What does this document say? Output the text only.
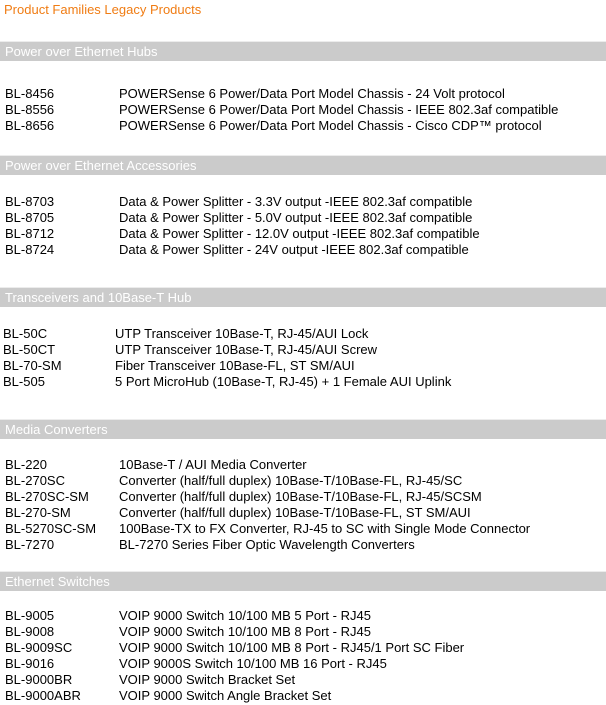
Product Families Legacy Products
Power over Ethernet Hubs
BL-8456	POWERSense 6 Power/Data Port Model Chassis - 24 Volt protocol
BL-8556	POWERSense 6 Power/Data Port Model Chassis - IEEE 802.3af compatible
BL-8656	POWERSense 6 Power/Data Port Model Chassis - Cisco CDP™ protocol
Power over Ethernet Accessories
BL-8703	Data & Power Splitter - 3.3V output -IEEE 802.3af compatible
BL-8705	Data & Power Splitter - 5.0V output -IEEE 802.3af compatible
BL-8712	Data & Power Splitter - 12.0V output -IEEE 802.3af compatible
BL-8724	Data & Power Splitter - 24V output -IEEE 802.3af compatible
Transceivers and 10Base-T Hub
BL-50C	UTP Transceiver 10Base-T, RJ-45/AUI Lock
BL-50CT	UTP Transceiver 10Base-T, RJ-45/AUI Screw
BL-70-SM	Fiber Transceiver 10Base-FL, ST SM/AUI
BL-505	5 Port MicroHub (10Base-T, RJ-45) + 1 Female AUI Uplink
Media Converters
BL-220	10Base-T / AUI Media Converter
BL-270SC	Converter (half/full duplex) 10Base-T/10Base-FL, RJ-45/SC
BL-270SC-SM Converter (half/full duplex) 10Base-T/10Base-FL, RJ-45/SCSM
BL-270-SM	Converter (half/full duplex) 10Base-T/10Base-FL, ST SM/AUI
BL-5270SC-SM 100Base-TX to FX Converter, RJ-45 to SC with Single Mode Connector
BL-7270	BL-7270 Series Fiber Optic Wavelength Converters
Ethernet Switches
BL-9005	VOIP 9000 Switch 10/100 MB 5 Port - RJ45
BL-9008	VOIP 9000 Switch 10/100 MB 8 Port - RJ45
BL-9009SC	VOIP 9000 Switch 10/100 MB 8 Port - RJ45/1 Port SC Fiber
BL-9016	VOIP 9000S Switch 10/100 MB 16 Port - RJ45
BL-9000BR	VOIP 9000 Switch Bracket Set
BL-9000ABR	VOIP 9000 Switch Angle Bracket Set
